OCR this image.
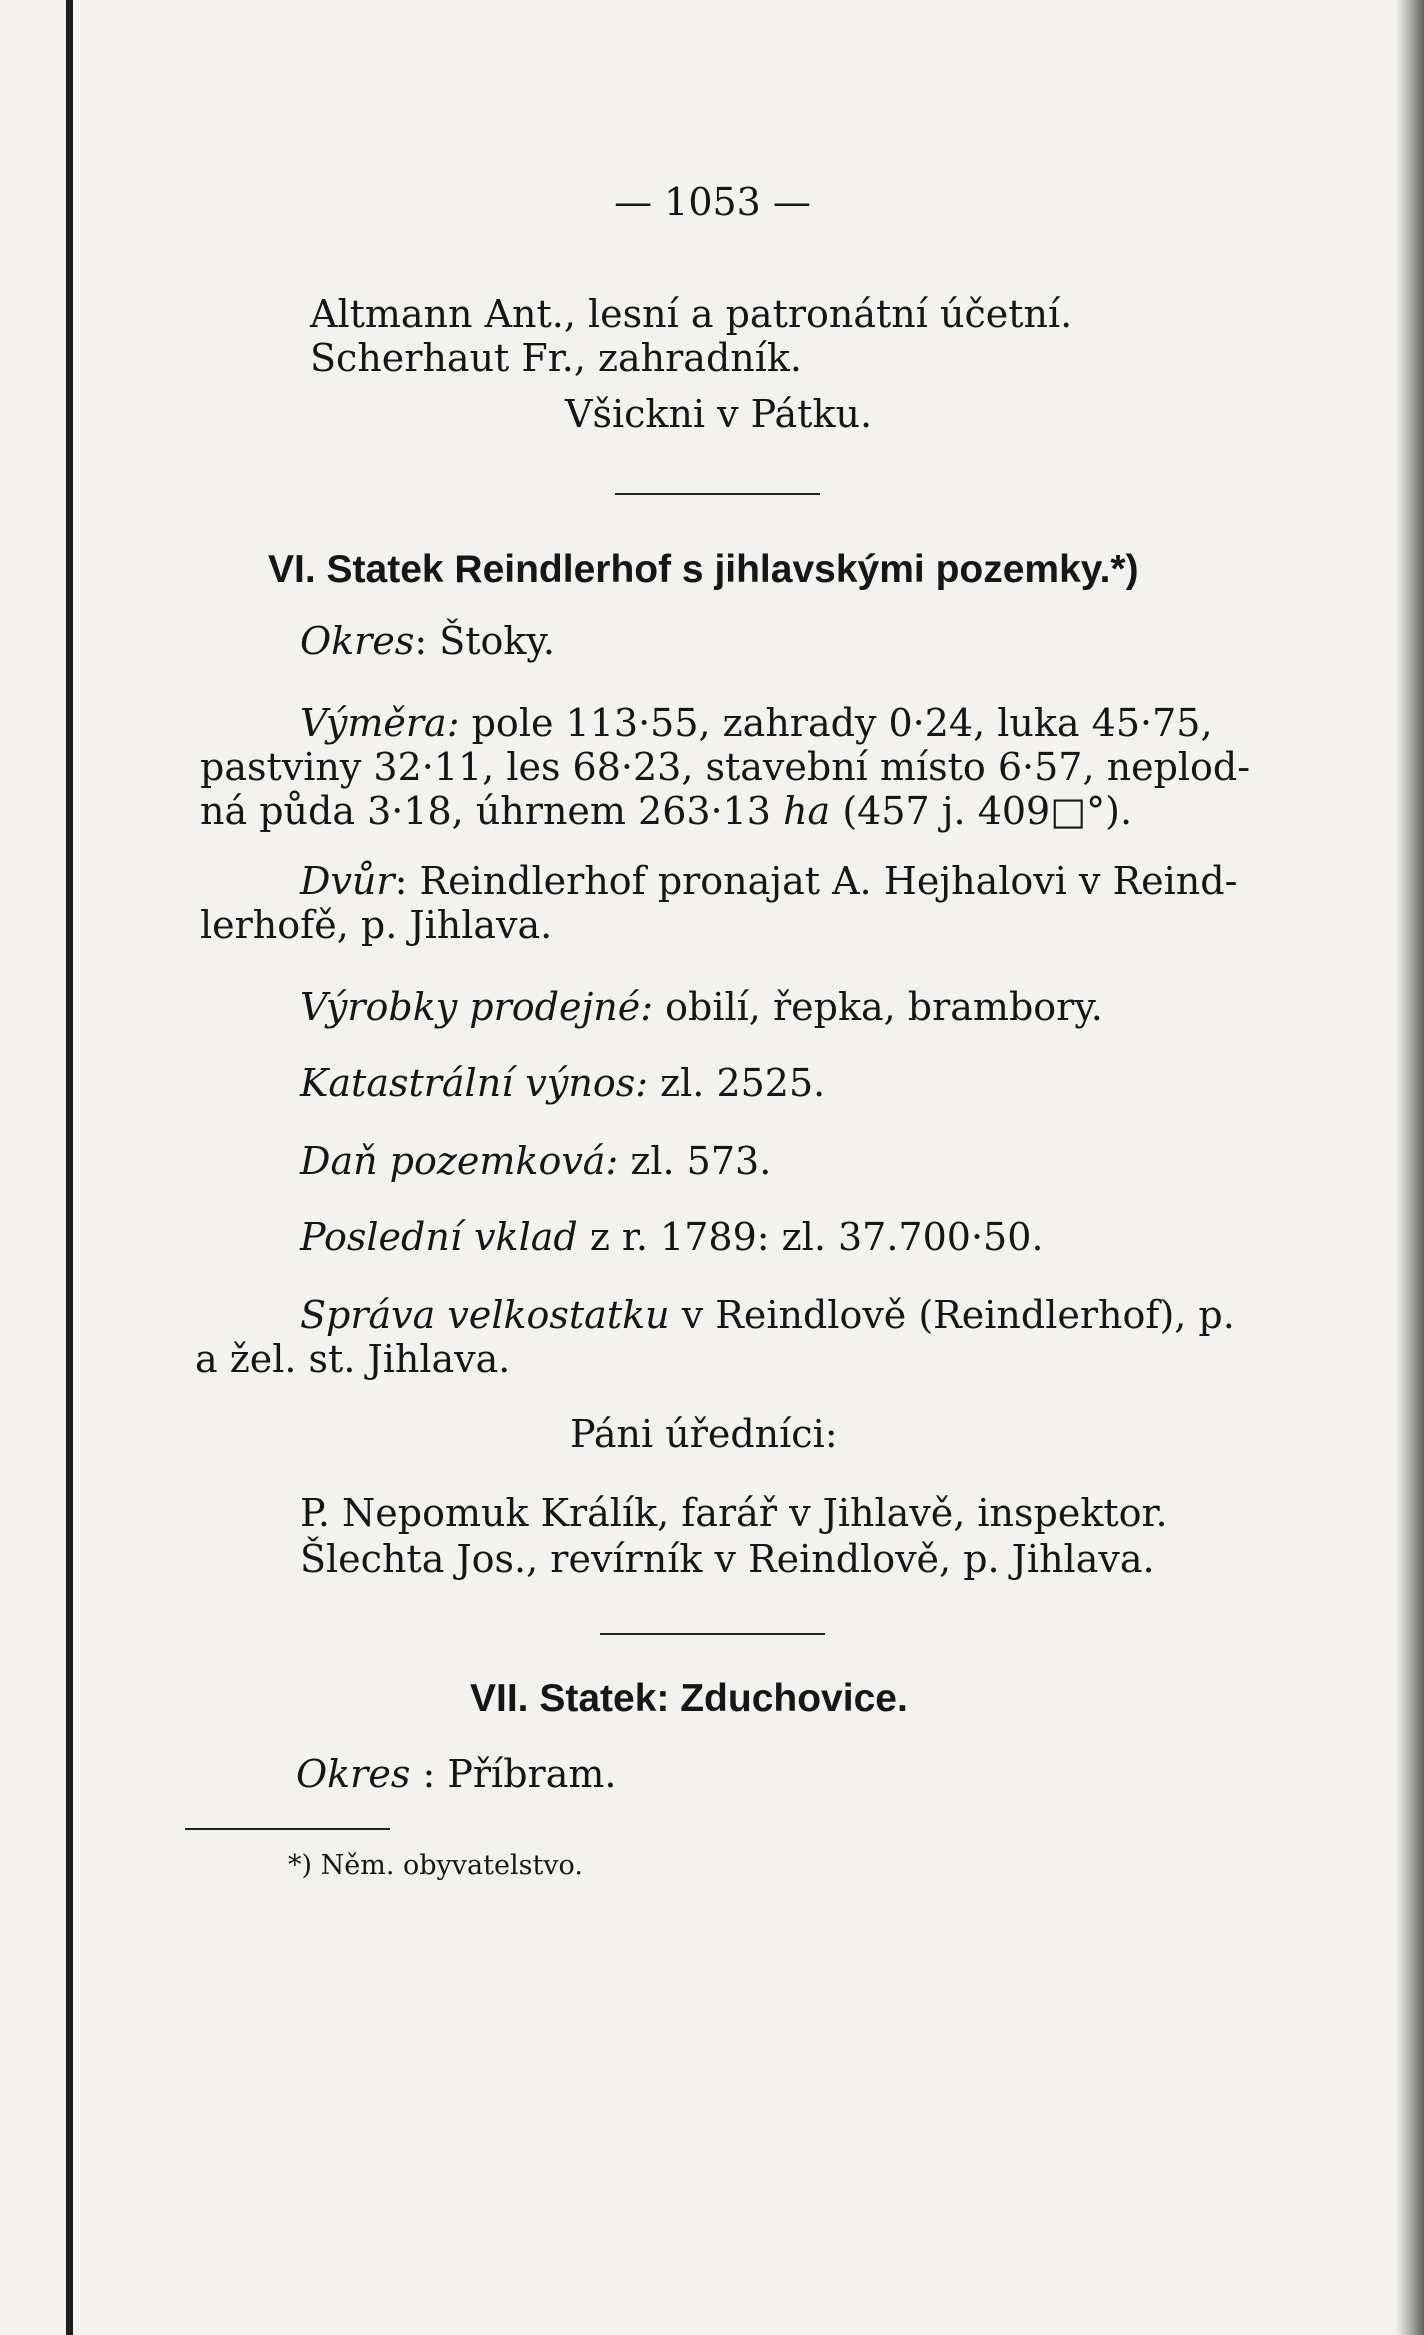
— 1053 —
Altmann Ant., lesní a patronátní účetní.
Scherhaut Fr., zahradník.
Všickni v Pátku.
VI. Statek Reindlerhof s jihlavskými pozemky.*)
Okres: Štoky.
Výměra: pole 113·55, zahrady 0·24, luka 45·75,
pastviny 32·11, les 68·23, stavební místo 6·57, neplod-
ná půda 3·18, úhrnem 263·13 ha (457 j. 409□°).
Dvůr: Reindlerhof pronajat A. Hejhalovi v Reind-
lerhofě, p. Jihlava.
Výrobky prodejné: obilí, řepka, brambory.
Katastrální výnos: zl. 2525.
Daň pozemková: zl. 573.
Poslední vklad z r. 1789: zl. 37.700·50.
Správa velkostatku v Reindlově (Reindlerhof), p.
a žel. st. Jihlava.
Páni úředníci:
P. Nepomuk Králík, farář v Jihlavě, inspektor.
Šlechta Jos., revírník v Reindlově, p. Jihlava.
VII. Statek: Zduchovice.
Okres : Příbram.
*) Něm. obyvatelstvo.
